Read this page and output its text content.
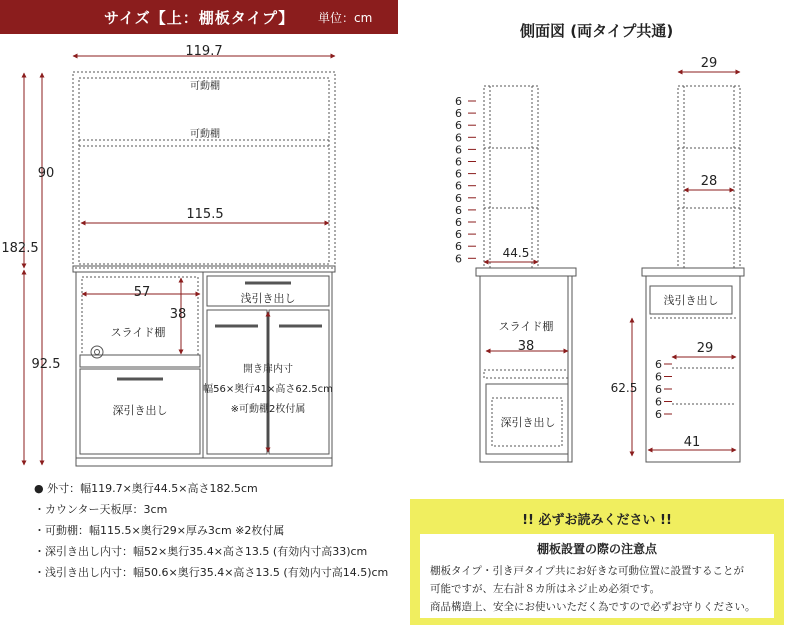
サイズ【上：棚板タイプ】 単位：cm
側面図 (両タイプ共通)
119.7
182.5
90
92.5
可動棚
可動棚
115.5
57
38
スライド棚
浅引き出し
深引き出し
開き扉内寸
幅56×奥行41×高さ62.5cm
※可動棚2枚付属
6
6
6
6
6
6
6
6
6
6
6
6
6
6	44.5
スライド棚
38
深引き出し
6
6
6
6
6
29
28
浅引き出し
29
62.5
41
● 外寸：幅119.7×奥行44.5×高さ182.5cm
・カウンター天板厚：3cm
・可動棚：幅115.5×奥行29×厚み3cm ※2枚付属
・深引き出し内寸：幅52×奥行35.4×高さ13.5 (有効内寸高33)cm
・浅引き出し内寸：幅50.6×奥行35.4×高さ13.5 (有効内寸高14.5)cm
!! 必ずお読みください !!
棚板設置の際の注意点
棚板タイプ・引き戸タイプ共にお好きな可動位置に設置することが
可能ですが、左右計８カ所はネジ止め必須です。
商品構造上、安全にお使いいただく為ですので必ずお守りください。
